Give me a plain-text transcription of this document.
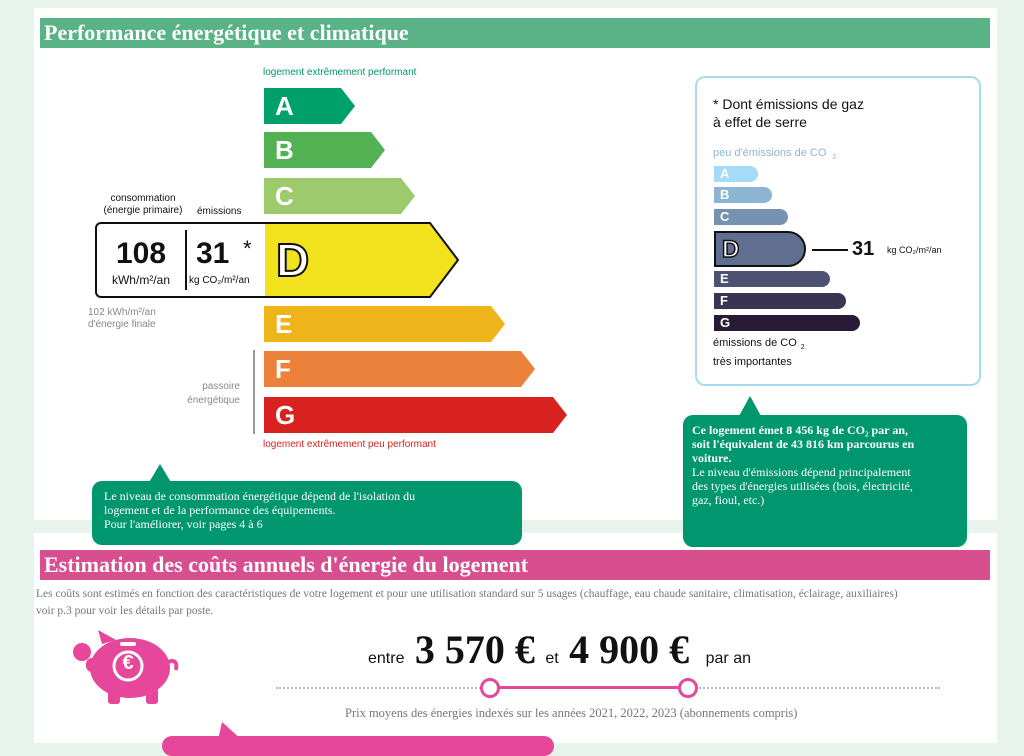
Performance énergétique et climatique
logement extrêmement performant
A
B
C
D
E
F
G
logement extrêmement peu performant
consommation
(énergie primaire)	émissions
108
kWh/m²/an
31 *
kg CO₂/m²/an
102 kWh/m²/an
d'énergie finale
passoire
énergétique
Le niveau de consommation énergétique dépend de l'isolation du
logement et de la performance des équipements.
Pour l'améliorer, voir pages 4 à 6
* Dont émissions de gaz
à effet de serre
peu d'émissions de CO $_2$
A
B
C
D
E
F
G
31 kg CO₂/m²/an
émissions de CO $_2$
très importantes
Ce logement émet 8 456 kg de CO₂ par an,
soit l'équivalent de 43 816 km parcourus en
voiture.
Le niveau d'émissions dépend principalement
des types d'énergies utilisées (bois, électricité,
gaz, fioul, etc.)
Estimation des coûts annuels d'énergie du logement
Les coûts sont estimés en fonction des caractéristiques de votre logement et pour une utilisation standard sur 5 usages (chauffage, eau chaude sanitaire, climatisation, éclairage, auxiliaires)
voir p.3 pour voir les détails par poste.
€	entre 3 570 € et 4 900 € par an
Prix moyens des énergies indexés sur les années 2021, 2022, 2023 (abonnements compris)
